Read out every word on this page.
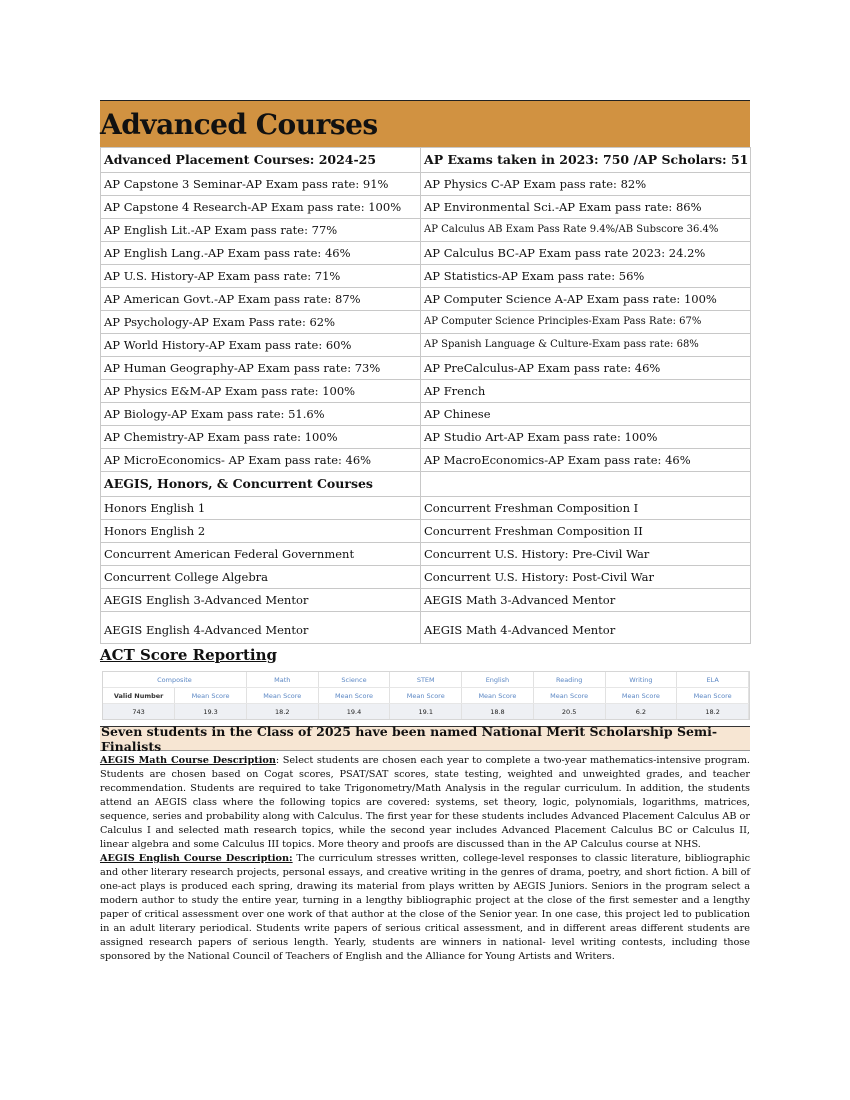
Advanced Courses
Advanced Placement Courses: 2024-25	AP Exams taken in 2023: 750 /AP Scholars: 51
AP Capstone 3 Seminar-AP Exam pass rate: 91%	AP Physics C-AP Exam pass rate: 82%
AP Capstone 4 Research-AP Exam pass rate: 100%	AP Environmental Sci.-AP Exam pass rate: 86%
AP English Lit.-AP Exam pass rate: 77%	AP Calculus AB Exam Pass Rate 9.4%/AB Subscore 36.4%
AP English Lang.-AP Exam pass rate: 46%	AP Calculus BC-AP Exam pass rate 2023: 24.2%
AP U.S. History-AP Exam pass rate: 71%	AP Statistics-AP Exam pass rate: 56%
AP American Govt.-AP Exam pass rate: 87%	AP Computer Science A-AP Exam pass rate: 100%
AP Psychology-AP Exam Pass rate: 62%	AP Computer Science Principles-Exam Pass Rate: 67%
AP World History-AP Exam pass rate: 60%	AP Spanish Language & Culture-Exam pass rate: 68%
AP Human Geography-AP Exam pass rate: 73%	AP PreCalculus-AP Exam pass rate: 46%
AP Physics E&M-AP Exam pass rate: 100%	AP French
AP Biology-AP Exam pass rate: 51.6%	AP Chinese
AP Chemistry-AP Exam pass rate: 100%	AP Studio Art-AP Exam pass rate: 100%
AP MicroEconomics- AP Exam pass rate: 46%	AP MacroEconomics-AP Exam pass rate: 46%
AEGIS, Honors, & Concurrent Courses	
Honors English 1	Concurrent Freshman Composition I
Honors English 2	Concurrent Freshman Composition II
Concurrent American Federal Government	Concurrent U.S. History: Pre-Civil War
Concurrent College Algebra	Concurrent U.S. History: Post-Civil War
AEGIS English 3-Advanced Mentor	AEGIS Math 3-Advanced Mentor
AEGIS English 4-Advanced Mentor	AEGIS Math 4-Advanced Mentor
ACT Score Reporting
Composite		Math	Science	STEM	English	Reading	Writing	ELA
Valid Number	Mean Score	Mean Score	Mean Score	Mean Score	Mean Score	Mean Score	Mean Score	Mean Score
743	19.3	18.2	19.4	19.1	18.8	20.5	6.2	18.2
Seven students in the Class of 2025 have been named National Merit Scholarship Semi-Finalists

AEGIS Math Course Description: Select students are chosen each year to complete a two-year mathematics-intensive program. Students are chosen based on Cogat scores, PSAT/SAT scores, state testing, weighted and unweighted grades, and teacher recommendation. Students are required to take Trigonometry/Math Analysis in the regular curriculum. In addition, the students attend an AEGIS class where the following topics are covered: systems, set theory, logic, polynomials, logarithms, matrices, sequence, series and probability along with Calculus. The first year for these students includes Advanced Placement Calculus AB or Calculus I and selected math research topics, while the second year includes Advanced Placement Calculus BC or Calculus II, linear algebra and some Calculus III topics. More theory and proofs are discussed than in the AP Calculus course at NHS.

AEGIS English Course Description: The curriculum stresses written, college-level responses to classic literature, bibliographic and other literary research projects, personal essays, and creative writing in the genres of drama, poetry, and short fiction. A bill of one-act plays is produced each spring, drawing its material from plays written by AEGIS Juniors. Seniors in the program select a modern author to study the entire year, turning in a lengthy bibliographic project at the close of the first semester and a lengthy paper of critical assessment over one work of that author at the close of the Senior year. In one case, this project led to publication in an adult literary periodical. Students write papers of serious critical assessment, and in different areas different students are assigned research papers of serious length. Yearly, students are winners in national- level writing contests, including those sponsored by the National Council of Teachers of English and the Alliance for Young Artists and Writers.
